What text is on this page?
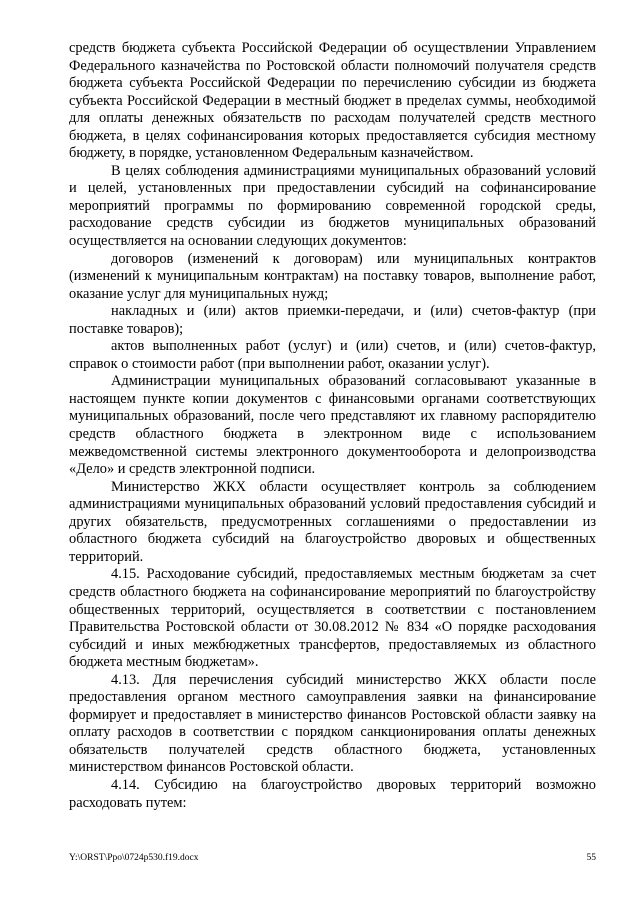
средств бюджета субъекта Российской Федерации об осуществлении Управлением Федерального казначейства по Ростовской области полномочий получателя средств бюджета субъекта Российской Федерации по перечислению субсидии из бюджета субъекта Российской Федерации в местный бюджет в пределах суммы, необходимой для оплаты денежных обязательств по расходам получателей средств местного бюджета, в целях софинансирования которых предоставляется субсидия местному бюджету, в порядке, установленном Федеральным казначейством.

В целях соблюдения администрациями муниципальных образований условий и целей, установленных при предоставлении субсидий на софинансирование мероприятий программы по формированию современной городской среды, расходование средств субсидии из бюджетов муниципальных образований осуществляется на основании следующих документов:

договоров (изменений к договорам) или муниципальных контрактов (изменений к муниципальным контрактам) на поставку товаров, выполнение работ, оказание услуг для муниципальных нужд;

накладных и (или) актов приемки-передачи, и (или) счетов-фактур (при поставке товаров);

актов выполненных работ (услуг) и (или) счетов, и (или) счетов-фактур, справок о стоимости работ (при выполнении работ, оказании услуг).

Администрации муниципальных образований согласовывают указанные в настоящем пункте копии документов с финансовыми органами соответствующих муниципальных образований, после чего представляют их главному распорядителю средств областного бюджета в электронном виде с использованием межведомственной системы электронного документооборота и делопроизводства «Дело» и средств электронной подписи.

Министерство ЖКХ области осуществляет контроль за соблюдением администрациями муниципальных образований условий предоставления субсидий и других обязательств, предусмотренных соглашениями о предоставлении из областного бюджета субсидий на благоустройство дворовых и общественных территорий.

4.15. Расходование субсидий, предоставляемых местным бюджетам за счет средств областного бюджета на софинансирование мероприятий по благоустройству общественных территорий, осуществляется в соответствии с постановлением Правительства Ростовской области от 30.08.2012 № 834 «О порядке расходования субсидий и иных межбюджетных трансфертов, предоставляемых из областного бюджета местным бюджетам».

4.13. Для перечисления субсидий министерство ЖКХ области после предоставления органом местного самоуправления заявки на финансирование формирует и предоставляет в министерство финансов Ростовской области заявку на оплату расходов в соответствии с порядком санкционирования оплаты денежных обязательств получателей средств областного бюджета, установленных министерством финансов Ростовской области.

4.14. Субсидию на благоустройство дворовых территорий возможно расходовать путем:

Y:\ORST\Ppo\0724p530.f19.docx	55
